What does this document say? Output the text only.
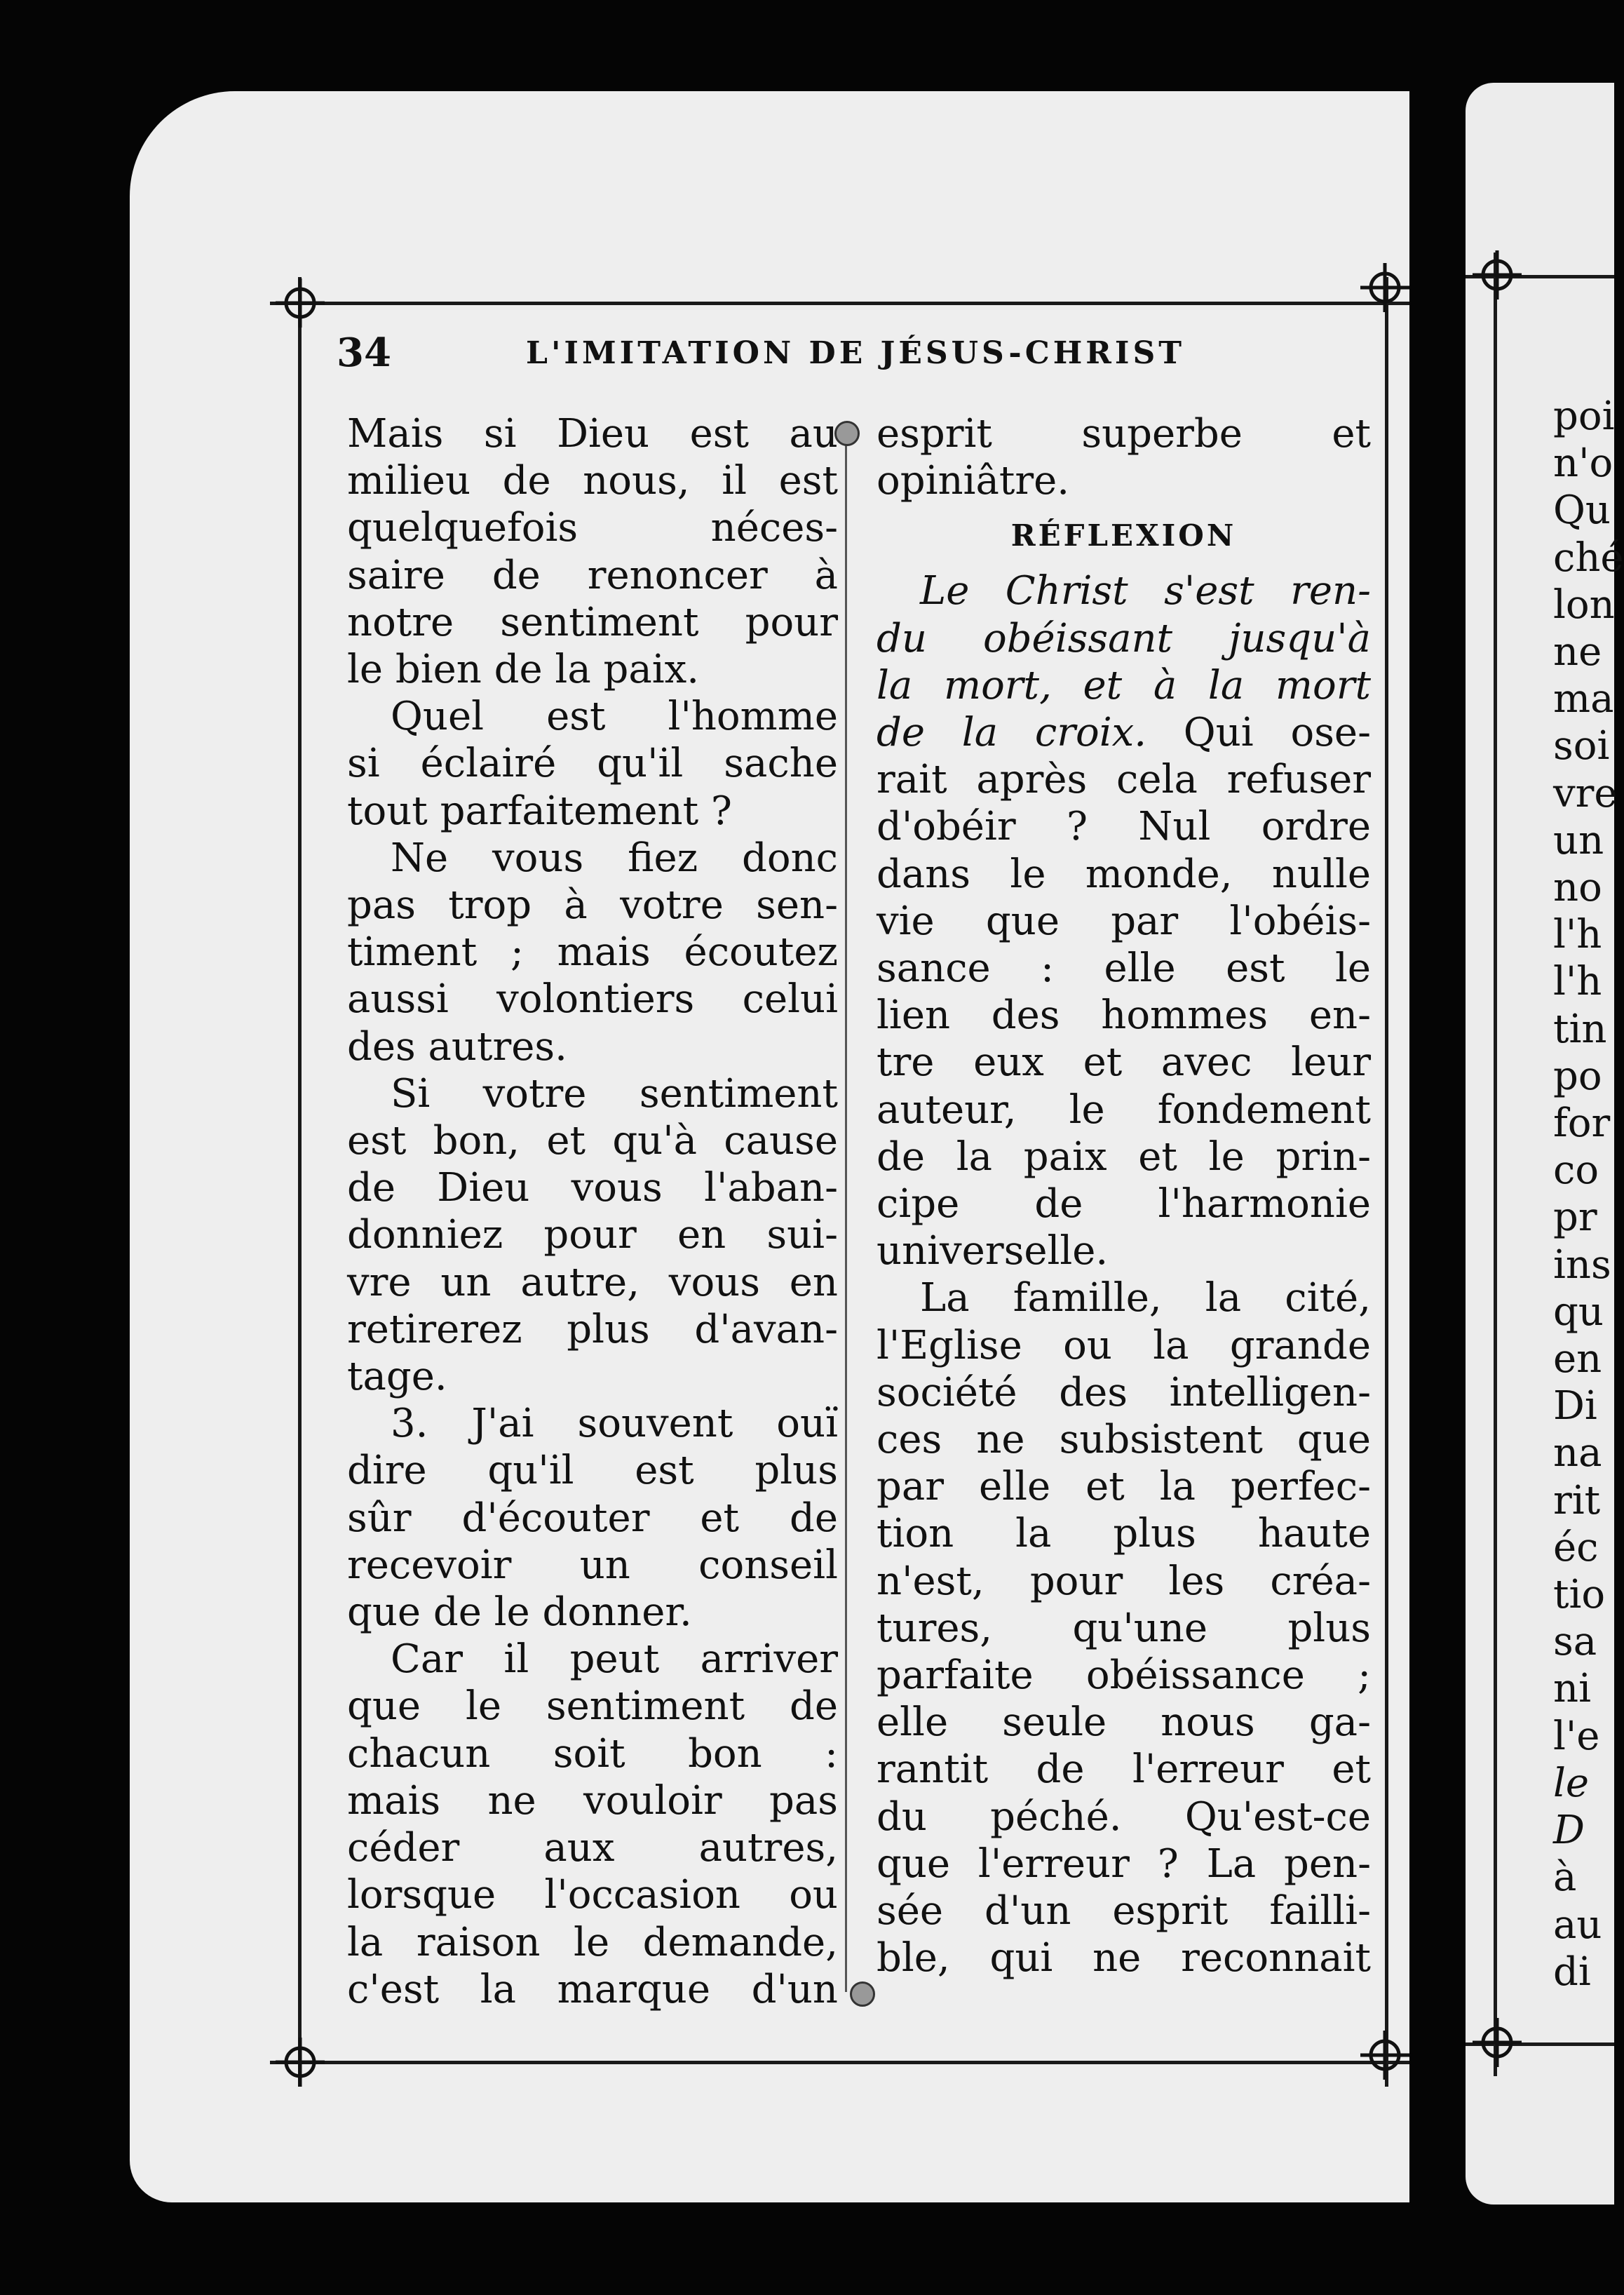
34	L'IMITATION DE JÉSUS-CHRIST
Mais si Dieu est au
milieu de nous, il est
quelquefois néces-
saire de renoncer à
notre sentiment pour
le bien de la paix.
Quel est l'homme
si éclairé qu'il sache
tout parfaitement ?
Ne vous fiez donc
pas trop à votre sen-
timent ; mais écoutez
aussi volontiers celui
des autres.
Si votre sentiment
est bon, et qu'à cause
de Dieu vous l'aban-
donniez pour en sui-
vre un autre, vous en
retirerez plus d'avan-
tage.
3. J'ai souvent ouï
dire qu'il est plus
sûr d'écouter et de
recevoir un conseil
que de le donner.
Car il peut arriver
que le sentiment de
chacun soit bon :
mais ne vouloir pas
céder aux autres,
lorsque l'occasion ou
la raison le demande,
c'est la marque d'un
esprit superbe et
opiniâtre.
RÉFLEXION
Le Christ s'est ren-
du obéissant jusqu'à
la mort, et à la mort
de la croix. Qui ose-
rait après cela refuser
d'obéir ? Nul ordre
dans le monde, nulle
vie que par l'obéis-
sance : elle est le
lien des hommes en-
tre eux et avec leur
auteur, le fondement
de la paix et le prin-
cipe de l'harmonie
universelle.
La famille, la cité,
l'Eglise ou la grande
société des intelligen-
ces ne subsistent que
par elle et la perfec-
tion la plus haute
n'est, pour les créa-
tures, qu'une plus
parfaite obéissance ;
elle seule nous ga-
rantit de l'erreur et
du péché. Qu'est-ce
que l'erreur ? La pen-
sée d'un esprit failli-
ble, qui ne reconnait
poi
n'o
Qu
ché
lon
ne
ma
soi
vre
un
no
l'h
l'h
tin
po
for
co
pr
ins
qu
en
Di
na
rit
éc
tio
sa
ni
l'e
le
D
à
au
di
